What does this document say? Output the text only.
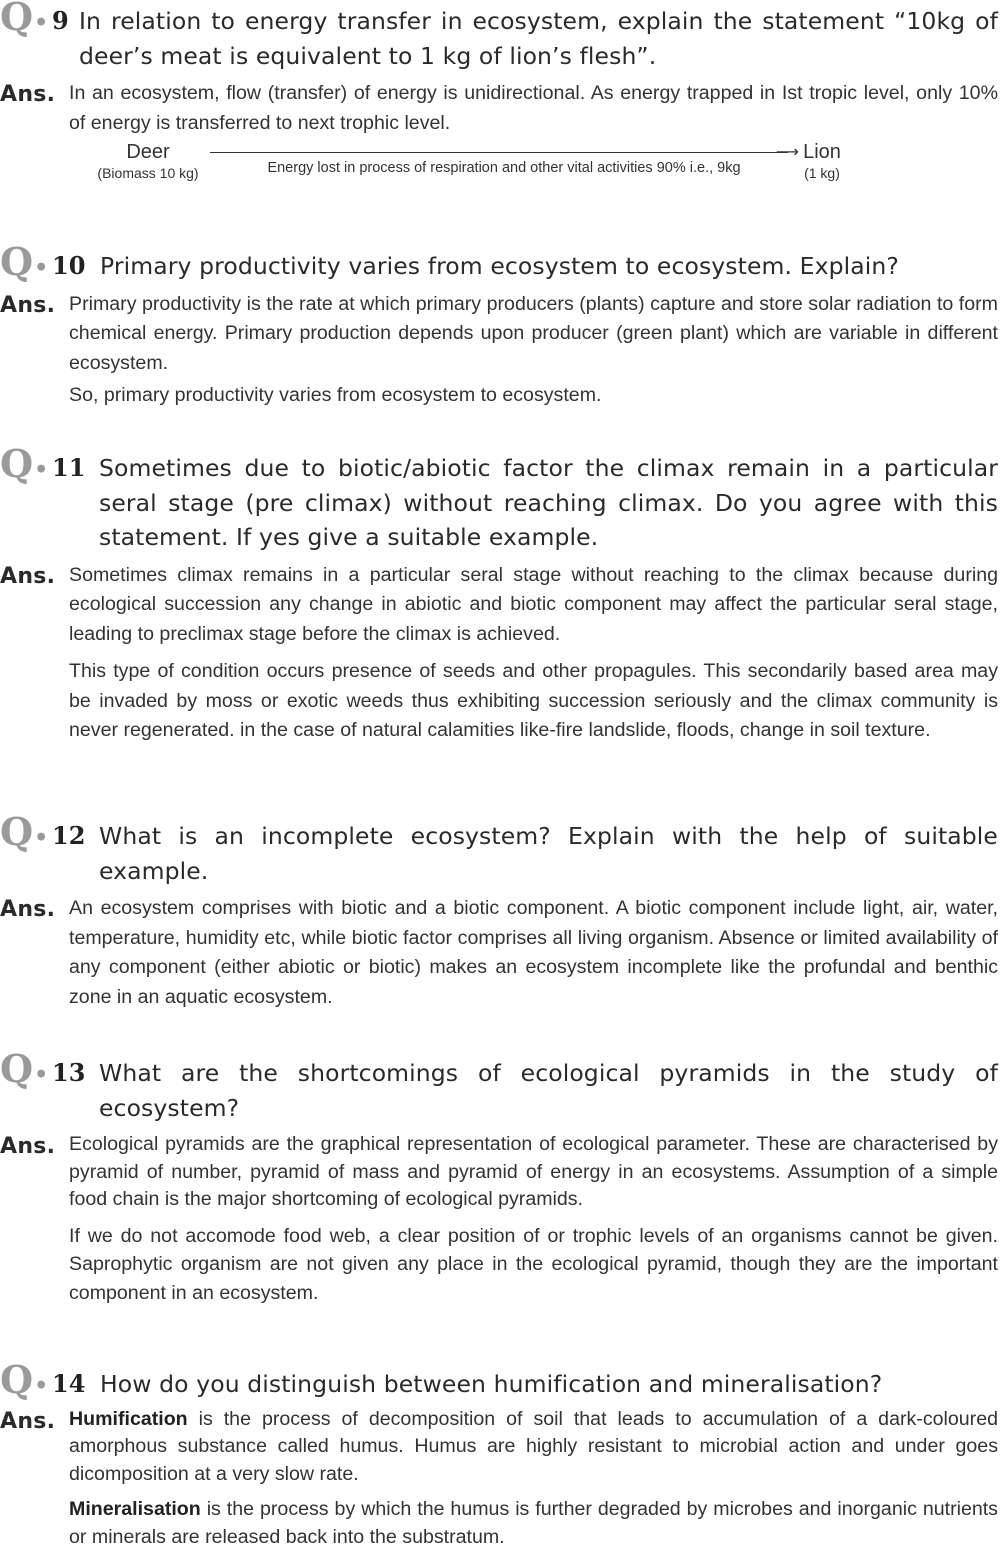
Q• 9 In relation to energy transfer in ecosystem, explain the statement “10kg of deer’s meat is equivalent to 1 kg of lion’s flesh”.
Ans. In an ecosystem, flow (transfer) of energy is unidirectional. As energy trapped in Ist tropic level, only 10% of energy is transferred to next trophic level.

Deer
(Biomass 10 kg)
⟶
Energy lost in process of respiration and other vital activities 90% i.e., 9kg
Lion
(1 kg)
Q• 10 Primary productivity varies from ecosystem to ecosystem. Explain?
Ans. Primary productivity is the rate at which primary producers (plants) capture and store solar radiation to form chemical energy. Primary production depends upon producer (green plant) which are variable in different ecosystem.

So, primary productivity varies from ecosystem to ecosystem.

Q• 11 Sometimes due to biotic/abiotic factor the climax remain in a particular seral stage (pre climax) without reaching climax. Do you agree with this statement. If yes give a suitable example.
Ans. Sometimes climax remains in a particular seral stage without reaching to the climax because during ecological succession any change in abiotic and biotic component may affect the particular seral stage, leading to preclimax stage before the climax is achieved.

This type of condition occurs presence of seeds and other propagules. This secondarily based area may be invaded by moss or exotic weeds thus exhibiting succession seriously and the climax community is never regenerated. in the case of natural calamities like-fire landslide, floods, change in soil texture.

Q• 12 What is an incomplete ecosystem? Explain with the help of suitable example.
Ans. An ecosystem comprises with biotic and a biotic component. A biotic component include light, air, water, temperature, humidity etc, while biotic factor comprises all living organism. Absence or limited availability of any component (either abiotic or biotic) makes an ecosystem incomplete like the profundal and benthic zone in an aquatic ecosystem.

Q• 13 What are the shortcomings of ecological pyramids in the study of ecosystem?
Ans. Ecological pyramids are the graphical representation of ecological parameter. These are characterised by pyramid of number, pyramid of mass and pyramid of energy in an ecosystems. Assumption of a simple food chain is the major shortcoming of ecological pyramids.

If we do not accomode food web, a clear position of or trophic levels of an organisms cannot be given. Saprophytic organism are not given any place in the ecological pyramid, though they are the important component in an ecosystem.

Q• 14 How do you distinguish between humification and mineralisation?
Ans. Humification is the process of decomposition of soil that leads to accumulation of a dark-coloured amorphous substance called humus. Humus are highly resistant to microbial action and under goes dicomposition at a very slow rate.

Mineralisation is the process by which the humus is further degraded by microbes and inorganic nutrients or minerals are released back into the substratum.
